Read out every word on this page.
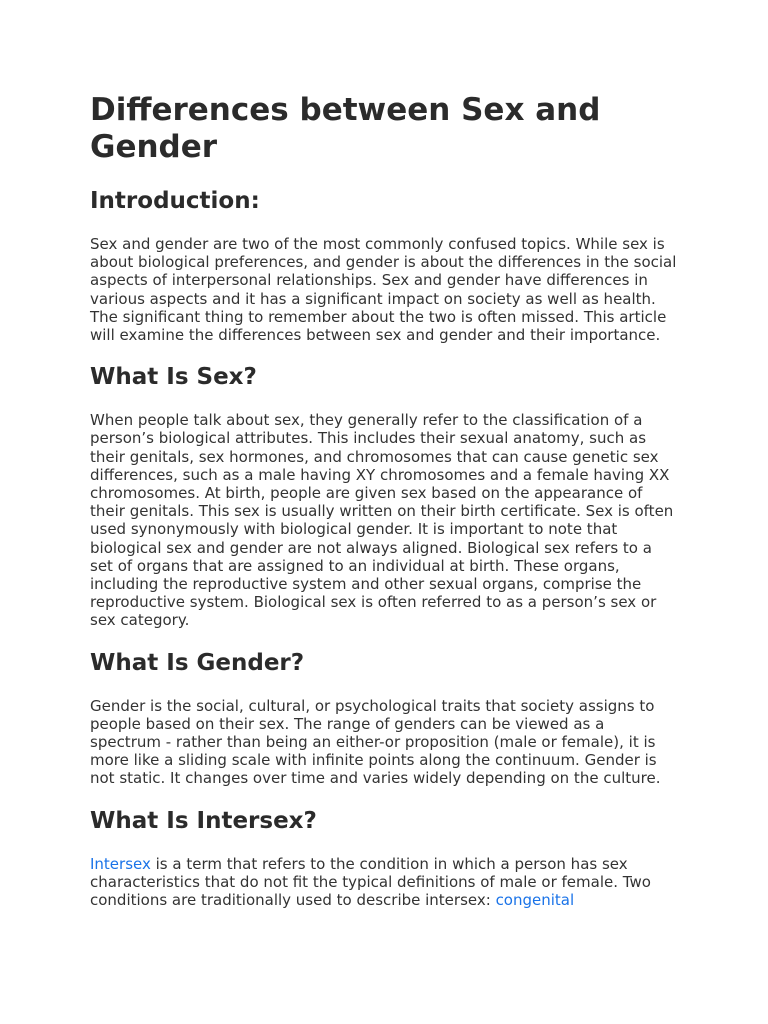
Differences between Sex and Gender
Introduction:

Sex and gender are two of the most commonly confused topics. While sex is about biological preferences, and gender is about the differences in the social aspects of interpersonal relationships. Sex and gender have differences in various aspects and it has a significant impact on society as well as health. The significant thing to remember about the two is often missed. This article will examine the differences between sex and gender and their importance.

What Is Sex?

When people talk about sex, they generally refer to the classification of a person’s biological attributes. This includes their sexual anatomy, such as their genitals, sex hormones, and chromosomes that can cause genetic sex differences, such as a male having XY chromosomes and a female having XX chromosomes. At birth, people are given sex based on the appearance of their genitals. This sex is usually written on their birth certificate. Sex is often used synonymously with biological gender. It is important to note that biological sex and gender are not always aligned. Biological sex refers to a set of organs that are assigned to an individual at birth. These organs, including the reproductive system and other sexual organs, comprise the reproductive system. Biological sex is often referred to as a person’s sex or sex category.

What Is Gender?

Gender is the social, cultural, or psychological traits that society assigns to people based on their sex. The range of genders can be viewed as a spectrum - rather than being an either-or proposition (male or female), it is more like a sliding scale with infinite points along the continuum. Gender is not static. It changes over time and varies widely depending on the culture.

What Is Intersex?

Intersex is a term that refers to the condition in which a person has sex characteristics that do not fit the typical definitions of male or female. Two conditions are traditionally used to describe intersex: congenital
